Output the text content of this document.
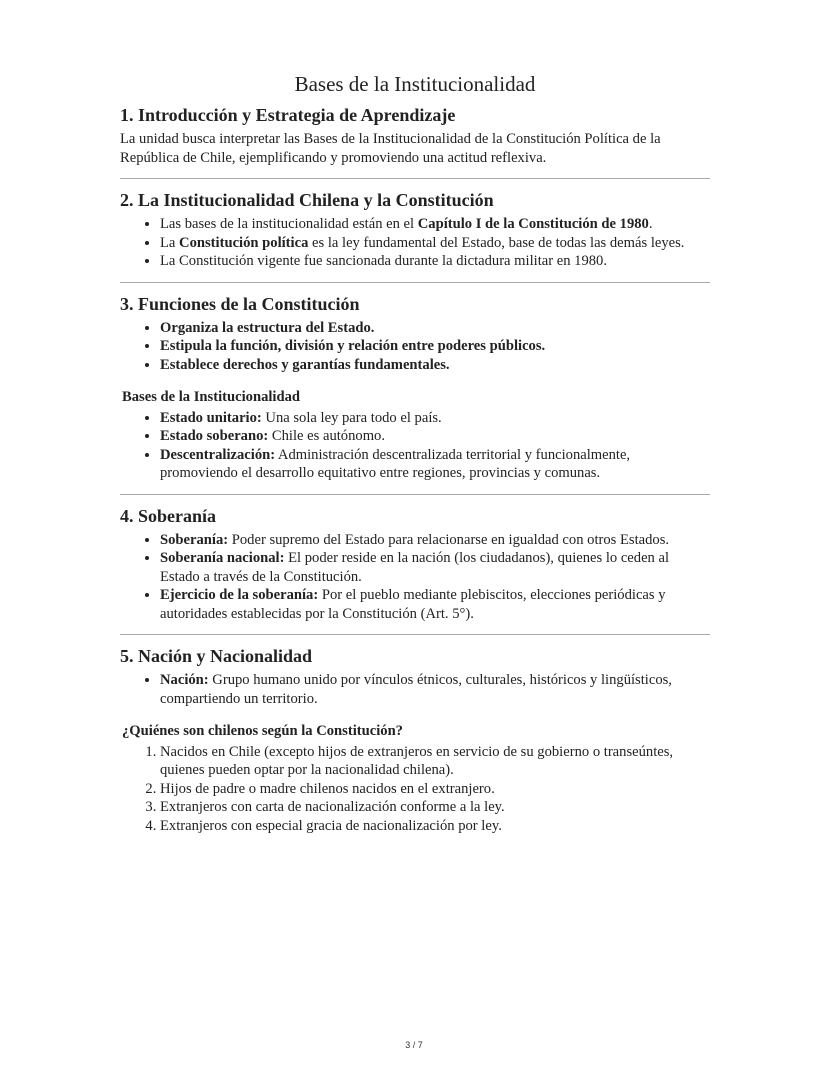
Bases de la Institucionalidad
1. Introducción y Estrategia de Aprendizaje

La unidad busca interpretar las Bases de la Institucionalidad de la Constitución Política de la República de Chile, ejemplificando y promoviendo una actitud reflexiva.

2. La Institucionalidad Chilena y la Constitución
• Las bases de la institucionalidad están en el Capítulo I de la Constitución de 1980.
• La Constitución política es la ley fundamental del Estado, base de todas las demás leyes.
• La Constitución vigente fue sancionada durante la dictadura militar en 1980.
3. Funciones de la Constitución
• Organiza la estructura del Estado.
• Estipula la función, división y relación entre poderes públicos.
• Establece derechos y garantías fundamentales.
Bases de la Institucionalidad
• Estado unitario: Una sola ley para todo el país.
• Estado soberano: Chile es autónomo.
• Descentralización: Administración descentralizada territorial y funcionalmente, promoviendo el desarrollo equitativo entre regiones, provincias y comunas.
4. Soberanía
• Soberanía: Poder supremo del Estado para relacionarse en igualdad con otros Estados.
• Soberanía nacional: El poder reside en la nación (los ciudadanos), quienes lo ceden al Estado a través de la Constitución.
• Ejercicio de la soberanía: Por el pueblo mediante plebiscitos, elecciones periódicas y autoridades establecidas por la Constitución (Art. 5°).
5. Nación y Nacionalidad
• Nación: Grupo humano unido por vínculos étnicos, culturales, históricos y lingüísticos, compartiendo un territorio.
¿Quiénes son chilenos según la Constitución?
1. Nacidos en Chile (excepto hijos de extranjeros en servicio de su gobierno o transeúntes, quienes pueden optar por la nacionalidad chilena).
2. Hijos de padre o madre chilenos nacidos en el extranjero.
3. Extranjeros con carta de nacionalización conforme a la ley.
4. Extranjeros con especial gracia de nacionalización por ley.
3 / 7
